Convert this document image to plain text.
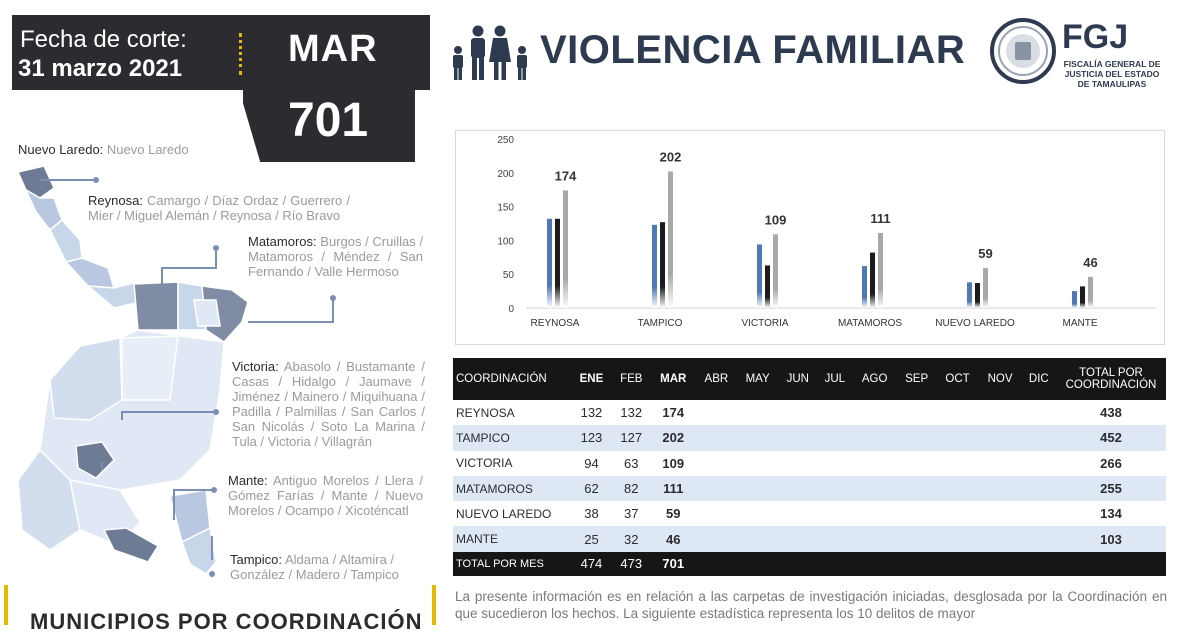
Fecha de corte:
31 marzo 2021	MAR
701
VIOLENCIA FAMILIAR	FGJ
FISCALÍA GENERAL DE JUSTICIA DEL ESTADO DE TAMAULIPAS
Nuevo Laredo: Nuevo Laredo
Reynosa: Camargo / Díaz Ordaz / Guerrero / Mier / Miguel Alemán / Reynosa / Río Bravo
Matamoros: Burgos / Cruillas / Matamoros / Méndez / San Fernando / Valle Hermoso
Victoria: Abasolo / Bustamante / Casas / Hidalgo / Jaumave / Jiménez / Mainero / Miquihuana / Padilla / Palmillas / San Carlos / San Nicolás / Soto La Marina / Tula / Victoria / Villagrán
Mante: Antiguo Morelos / Llera / Gómez Farías / Mante / Nuevo Morelos / Ocampo / Xicoténcatl
Tampico: Aldama / Altamira / González / Madero / Tampico
MUNICIPIOS POR COORDINACIÓN
0
50
100
150
200
250
174
REYNOSA
202
TAMPICO
109
VICTORIA
111
MATAMOROS
59
NUEVO LAREDO
46
MANTE
COORDINACIÓN	ENE	FEB	MAR	ABR	MAY	JUN	JUL	AGO	SEP	OCT	NOV	DIC	TOTAL POR COORDINACIÓN
REYNOSA	132	132	174										438
TAMPICO	123	127	202										452
VICTORIA	94	63	109										266
MATAMOROS	62	82	111										255
NUEVO LAREDO	38	37	59										134
MANTE	25	32	46										103
TOTAL POR MES	474	473	701										
La presente información es en relación a las carpetas de investigación iniciadas, desglosada por la Coordinación en que sucedieron los hechos. La siguiente estadística representa los 10 delitos de mayor
